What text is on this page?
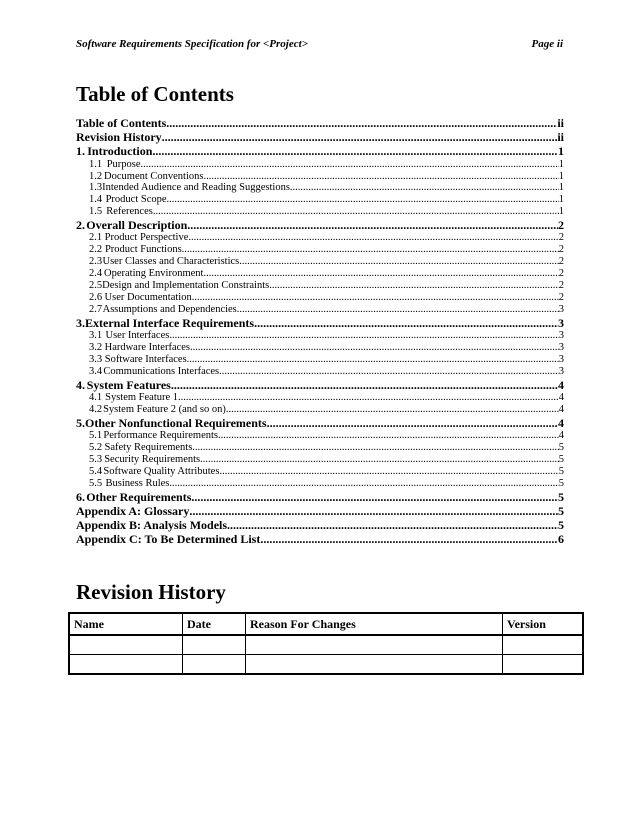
Software Requirements Specification for <Project>	Page ii
Table of Contents
Table of Contents .....	ii
Revision History .....	ii
1. Introduction .....	1
1.1 Purpose .....	1
1.2 Document Conventions .....	1
1.3 Intended Audience and Reading Suggestions .....	1
1.4 Product Scope .....	1
1.5 References .....	1
2. Overall Description .....	2
2.1 Product Perspective .....	2
2.2 Product Functions .....	2
2.3 User Classes and Characteristics .....	2
2.4 Operating Environment .....	2
2.5 Design and Implementation Constraints .....	2
2.6 User Documentation .....	2
2.7 Assumptions and Dependencies .....	3
3. External Interface Requirements .....	3
3.1 User Interfaces .....	3
3.2 Hardware Interfaces .....	3
3.3 Software Interfaces .....	3
3.4 Communications Interfaces .....	3
4. System Features .....	4
4.1 System Feature 1 .....	4
4.2 System Feature 2 (and so on) .....	4
5. Other Nonfunctional Requirements .....	4
5.1 Performance Requirements .....	4
5.2 Safety Requirements .....	5
5.3 Security Requirements .....	5
5.4 Software Quality Attributes .....	5
5.5 Business Rules .....	5
6. Other Requirements .....	5
Appendix A: Glossary .....	5
Appendix B: Analysis Models .....	5
Appendix C: To Be Determined List .....	6
Revision History
Name	Date	Reason For Changes	Version
